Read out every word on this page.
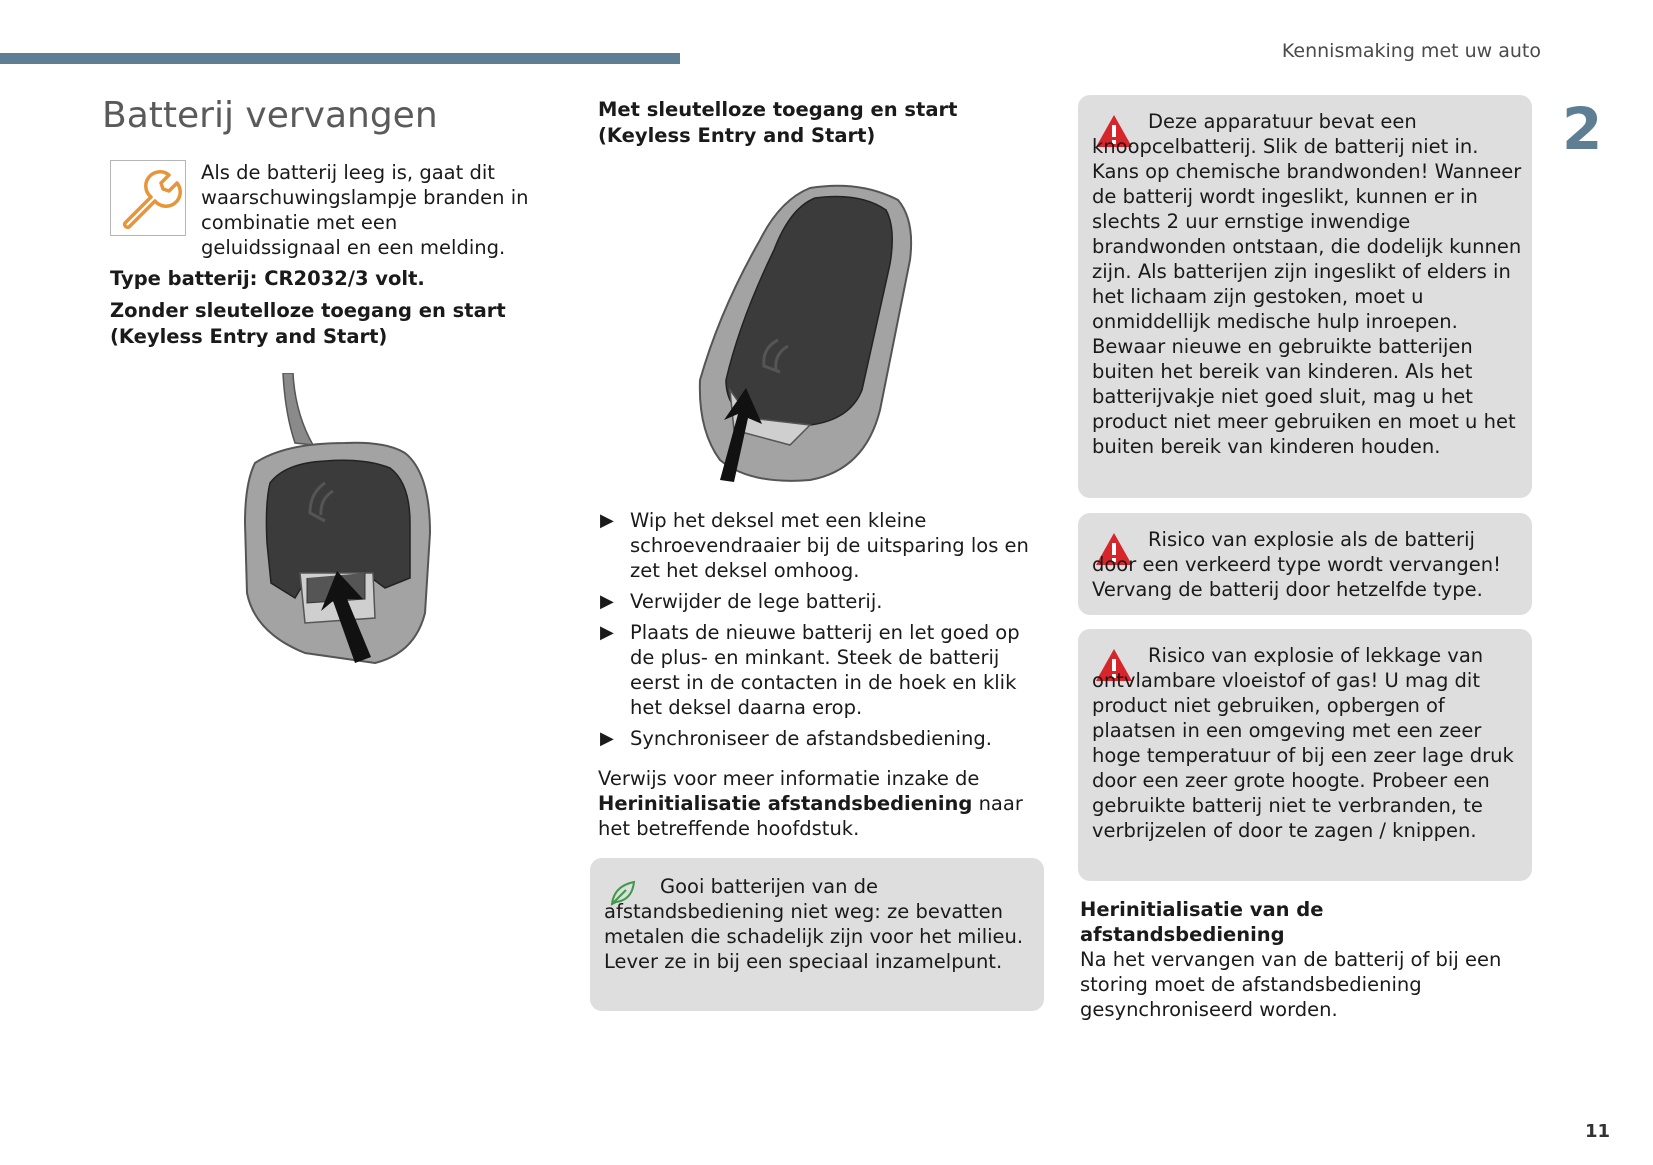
Kennismaking met uw auto
2
11
Batterij vervangen
Als de batterij leeg is, gaat dit waarschuwingslampje branden in combinatie met een geluidssignaal en een melding.
Type batterij: CR2032/3 volt.
Zonder sleutelloze toegang en start (Keyless Entry and Start)
Met sleutelloze toegang en start (Keyless Entry and Start)
▶ Wip het deksel met een kleine schroevendraaier bij de uitsparing los en zet het deksel omhoog.
▶ Verwijder de lege batterij.
▶ Plaats de nieuwe batterij en let goed op de plus- en minkant. Steek de batterij eerst in de contacten in de hoek en klik het deksel daarna erop.
▶ Synchroniseer de afstandsbediening.
Verwijs voor meer informatie inzake de Herinitialisatie afstandsbediening naar het betreffende hoofdstuk.
Gooi batterijen van de afstandsbediening niet weg: ze bevatten metalen die schadelijk zijn voor het milieu. Lever ze in bij een speciaal inzamelpunt.
Deze apparatuur bevat een knoopcelbatterij. Slik de batterij niet in. Kans op chemische brandwonden! Wanneer de batterij wordt ingeslikt, kunnen er in slechts 2 uur ernstige inwendige brandwonden ontstaan, die dodelijk kunnen zijn. Als batterijen zijn ingeslikt of elders in het lichaam zijn gestoken, moet u onmiddellijk medische hulp inroepen. Bewaar nieuwe en gebruikte batterijen buiten het bereik van kinderen. Als het batterijvakje niet goed sluit, mag u het product niet meer gebruiken en moet u het buiten bereik van kinderen houden.
Risico van explosie als de batterij door een verkeerd type wordt vervangen! Vervang de batterij door hetzelfde type.
Risico van explosie of lekkage van ontvlambare vloeistof of gas! U mag dit product niet gebruiken, opbergen of plaatsen in een omgeving met een zeer hoge temperatuur of bij een zeer lage druk door een zeer grote hoogte. Probeer een gebruikte batterij niet te verbranden, te verbrijzelen of door te zagen / knippen.
Herinitialisatie van de afstandsbediening
Na het vervangen van de batterij of bij een storing moet de afstandsbediening gesynchroniseerd worden.
